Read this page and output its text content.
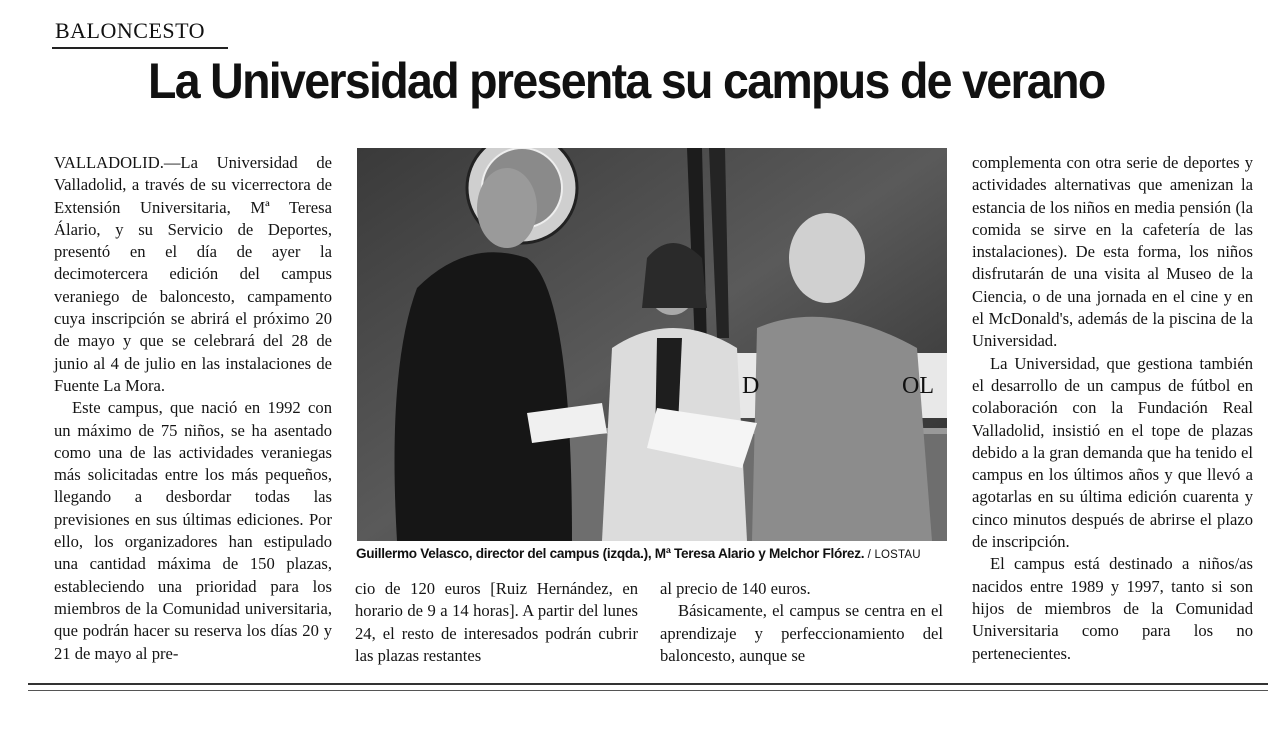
BALONCESTO
La Universidad presenta su campus de verano

VALLADOLID.—La Universidad de Valladolid, a través de su vicerrectora de Extensión Universitaria, Mª Teresa Álario, y su Servicio de Deportes, presentó en el día de ayer la decimotercera edición del campus veraniego de baloncesto, campamento cuya inscripción se abrirá el próximo 20 de mayo y que se celebrará del 28 de junio al 4 de julio en las instalaciones de Fuente La Mora.

Este campus, que nació en 1992 con un máximo de 75 niños, se ha asentado como una de las actividades veraniegas más solicitadas entre los más pequeños, llegando a desbordar todas las previsiones en sus últimas ediciones. Por ello, los organizadores han estipulado una cantidad máxima de 150 plazas, estableciendo una prioridad para los miembros de la Comunidad universitaria, que podrán hacer su reserva los días 20 y 21 de mayo al pre-

D	OL
Guillermo Velasco, director del campus (izqda.), Mª Teresa Alario y Melchor Flórez. / LOSTAU

cio de 120 euros [Ruiz Hernández, en horario de 9 a 14 horas]. A partir del lunes 24, el resto de interesados podrán cubrir las plazas restantes

al precio de 140 euros.

Básicamente, el campus se centra en el aprendizaje y perfeccionamiento del baloncesto, aunque se

complementa con otra serie de deportes y actividades alternativas que amenizan la estancia de los niños en media pensión (la comida se sirve en la cafetería de las instalaciones). De esta forma, los niños disfrutarán de una visita al Museo de la Ciencia, o de una jornada en el cine y en el McDonald's, además de la piscina de la Universidad.

La Universidad, que gestiona también el desarrollo de un campus de fútbol en colaboración con la Fundación Real Valladolid, insistió en el tope de plazas debido a la gran demanda que ha tenido el campus en los últimos años y que llevó a agotarlas en su última edición cuarenta y cinco minutos después de abrirse el plazo de inscripción.

El campus está destinado a niños/as nacidos entre 1989 y 1997, tanto si son hijos de miembros de la Comunidad Universitaria como para los no pertenecientes.
